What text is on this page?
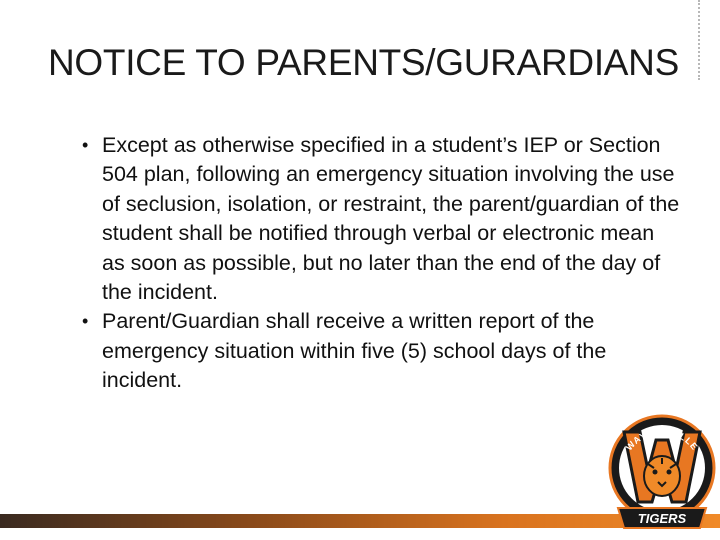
NOTICE TO PARENTS/GURARDIANS
• Except as otherwise specified in a student’s IEP or Section 504 plan, following an emergency situation involving the use of seclusion, isolation, or restraint, the parent/guardian of the student shall be notified through verbal or electronic mean as soon as possible, but no later than the end of the day of the incident.
• Parent/Guardian shall receive a written report of the emergency situation within five (5) school days of the incident.
WAYNESVILLE
TIGERS
